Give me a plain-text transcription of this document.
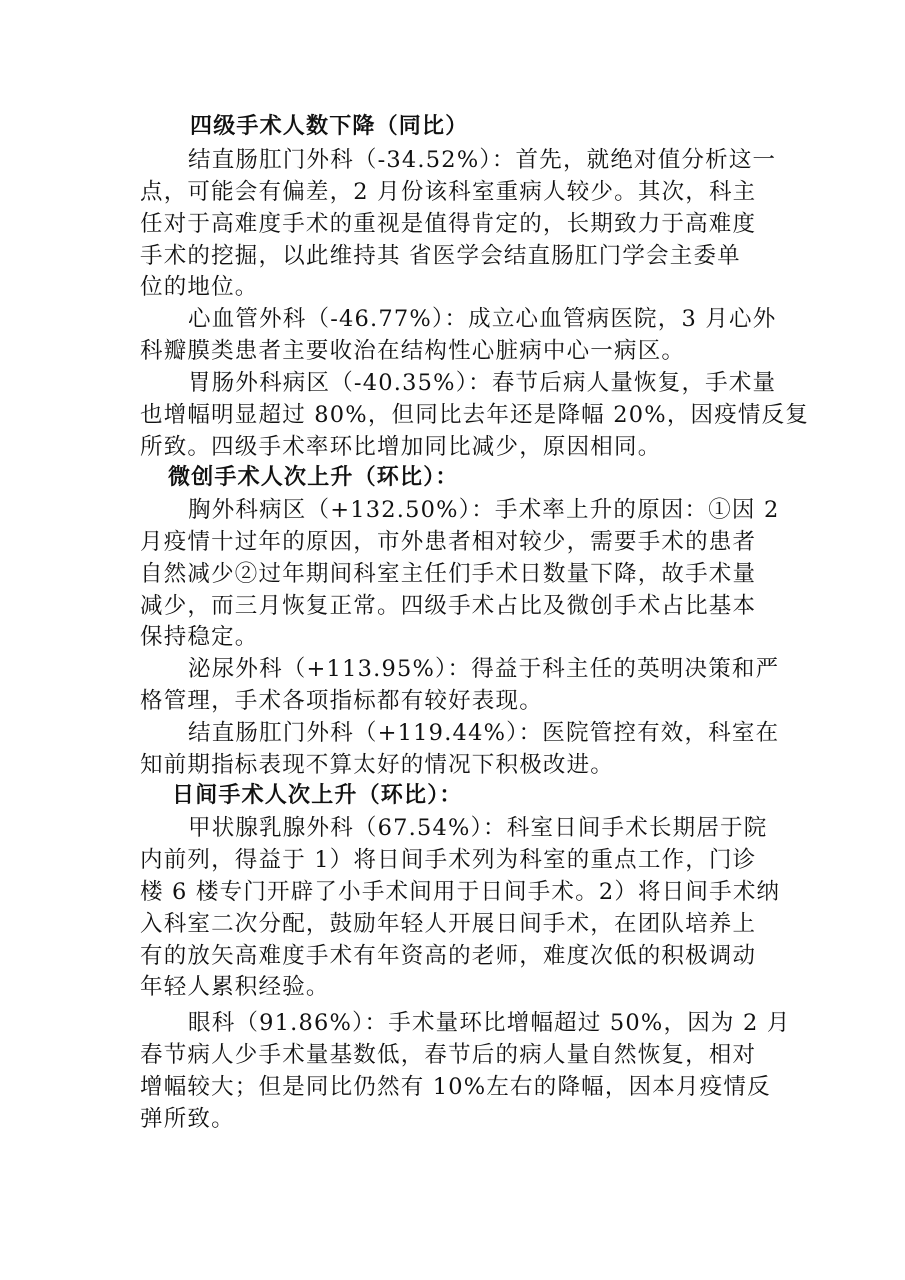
四级手术人数下降（同比）
结直肠肛门外科（-34.52%）：首先，就绝对值分析这一
点，可能会有偏差，2 月份该科室重病人较少。其次，科主
任对于高难度手术的重视是值得肯定的，长期致力于高难度
手术的挖掘，以此维持其 省医学会结直肠肛门学会主委单
位的地位。
心血管外科（-46.77%）：成立心血管病医院，3 月心外
科瓣膜类患者主要收治在结构性心脏病中心一病区。
胃肠外科病区（-40.35%）：春节后病人量恢复，手术量
也增幅明显超过 80%，但同比去年还是降幅 20%，因疫情反复
所致。四级手术率环比增加同比减少，原因相同。
微创手术人次上升（环比）：
胸外科病区（+132.50%）：手术率上升的原因：①因 2
月疫情十过年的原因，市外患者相对较少，需要手术的患者
自然减少②过年期间科室主任们手术日数量下降，故手术量
减少，而三月恢复正常。四级手术占比及微创手术占比基本
保持稳定。
泌尿外科（+113.95%）：得益于科主任的英明决策和严
格管理，手术各项指标都有较好表现。
结直肠肛门外科（+119.44%）：医院管控有效，科室在
知前期指标表现不算太好的情况下积极改进。
日间手术人次上升（环比）：
甲状腺乳腺外科（67.54%）：科室日间手术长期居于院
内前列，得益于 1）将日间手术列为科室的重点工作，门诊
楼 6 楼专门开辟了小手术间用于日间手术。2）将日间手术纳
入科室二次分配，鼓励年轻人开展日间手术，在团队培养上
有的放矢高难度手术有年资高的老师，难度次低的积极调动
年轻人累积经验。
眼科（91.86%）：手术量环比增幅超过 50%，因为 2 月
春节病人少手术量基数低，春节后的病人量自然恢复，相对
增幅较大；但是同比仍然有 10%左右的降幅，因本月疫情反
弹所致。
